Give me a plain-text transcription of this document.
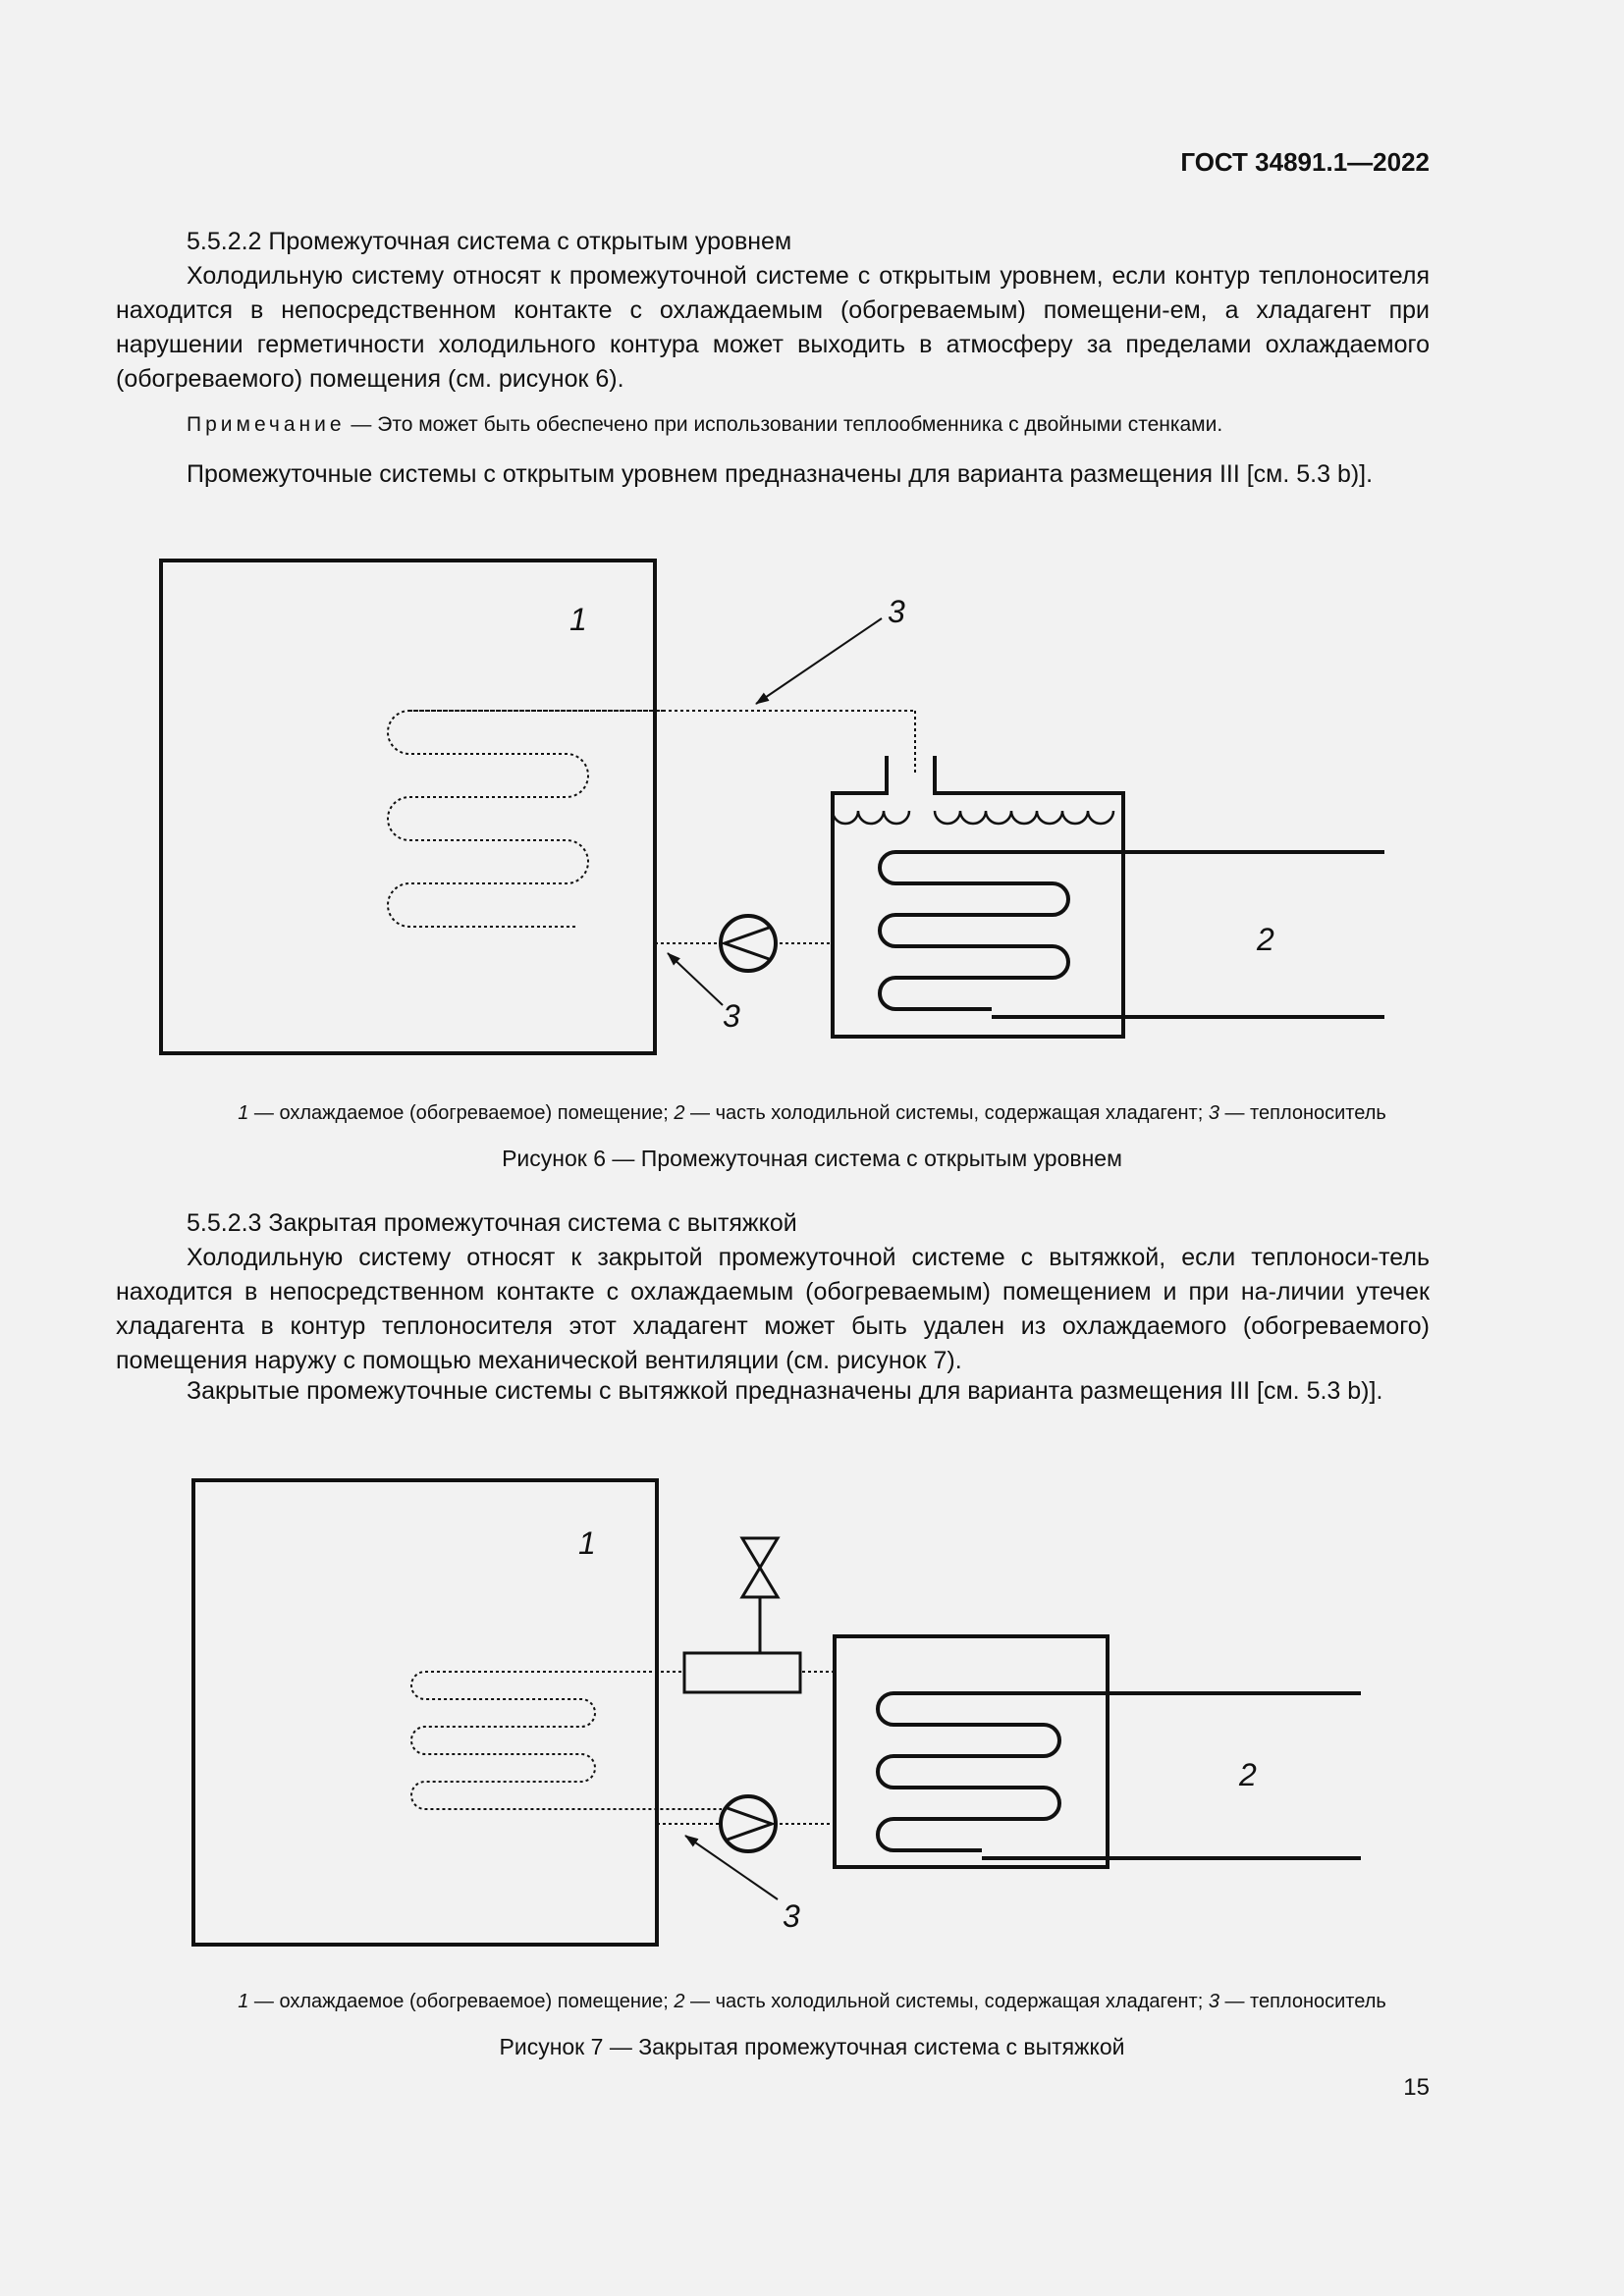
ГОСТ 34891.1—2022
5.5.2.2 Промежуточная система с открытым уровнем
Холодильную систему относят к промежуточной системе с открытым уровнем, если контур теплоносителя находится в непосредственном контакте с охлаждаемым (обогреваемым) помещени-ем, а хладагент при нарушении герметичности холодильного контура может выходить в атмосферу за пределами охлаждаемого (обогреваемого) помещения (см. рисунок 6).
Примечание — Это может быть обеспечено при использовании теплообменника с двойными стенками.
Промежуточные системы с открытым уровнем предназначены для варианта размещения III [см. 5.3 b)].
1	3
2
3
1 — охлаждаемое (обогреваемое) помещение; 2 — часть холодильной системы, содержащая хладагент; 3 — теплоноситель
Рисунок 6 — Промежуточная система с открытым уровнем
5.5.2.3 Закрытая промежуточная система с вытяжкой
Холодильную систему относят к закрытой промежуточной системе с вытяжкой, если теплоноси-тель находится в непосредственном контакте с охлаждаемым (обогреваемым) помещением и при на-личии утечек хладагента в контур теплоносителя этот хладагент может быть удален из охлаждаемого (обогреваемого) помещения наружу с помощью механической вентиляции (см. рисунок 7).
Закрытые промежуточные системы с вытяжкой предназначены для варианта размещения III [см. 5.3 b)].
1
2
3
1 — охлаждаемое (обогреваемое) помещение; 2 — часть холодильной системы, содержащая хладагент; 3 — теплоноситель
Рисунок 7 — Закрытая промежуточная система с вытяжкой
15
